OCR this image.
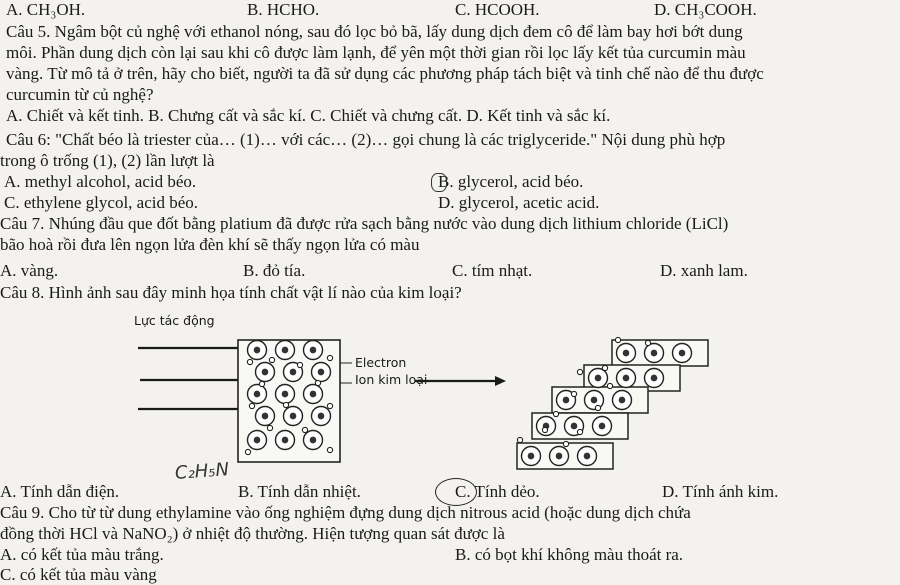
A. CH₃OH.	B. HCHO.	C. HCOOH.	D. CH₃COOH.
Câu 5. Ngâm bột củ nghệ với ethanol nóng, sau đó lọc bỏ bã, lấy dung dịch đem cô để làm bay hơi bớt dung
môi. Phần dung dịch còn lại sau khi cô được làm lạnh, để yên một thời gian rồi lọc lấy kết tủa curcumin màu
vàng. Từ mô tả ở trên, hãy cho biết, người ta đã sử dụng các phương pháp tách biệt và tinh chế nào để thu được
curcumin từ củ nghệ?
A. Chiết và kết tinh. B. Chưng cất và sắc kí. C. Chiết và chưng cất. D. Kết tinh và sắc kí.
Câu 6: "Chất béo là triester của… (1)… với các… (2)… gọi chung là các triglyceride." Nội dung phù hợp
trong ô trống (1), (2) lần lượt là
A. methyl alcohol, acid béo.	B. glycerol, acid béo.
C. ethylene glycol, acid béo.	D. glycerol, acetic acid.
Câu 7. Nhúng đầu que đốt bằng platium đã được rửa sạch bằng nước vào dung dịch lithium chloride (LiCl)
bão hoà rồi đưa lên ngọn lửa đèn khí sẽ thấy ngọn lửa có màu
A. vàng.	B. đỏ tía.	C. tím nhạt.	D. xanh lam.
Câu 8. Hình ảnh sau đây minh họa tính chất vật lí nào của kim loại?
Lực tác động
Electron
Ion kim loại
A. Tính dẫn điện.	B. Tính dẫn nhiệt.	C. Tính dẻo.	D. Tính ánh kim.
C₂H₅N
Câu 9. Cho từ từ dung ethylamine vào ống nghiệm đựng dung dịch nitrous acid (hoặc dung dịch chứa
đồng thời HCl và NaNO₂) ở nhiệt độ thường. Hiện tượng quan sát được là
A. có kết tủa màu trắng.	B. có bọt khí không màu thoát ra.
C. có kết tủa màu vàng
